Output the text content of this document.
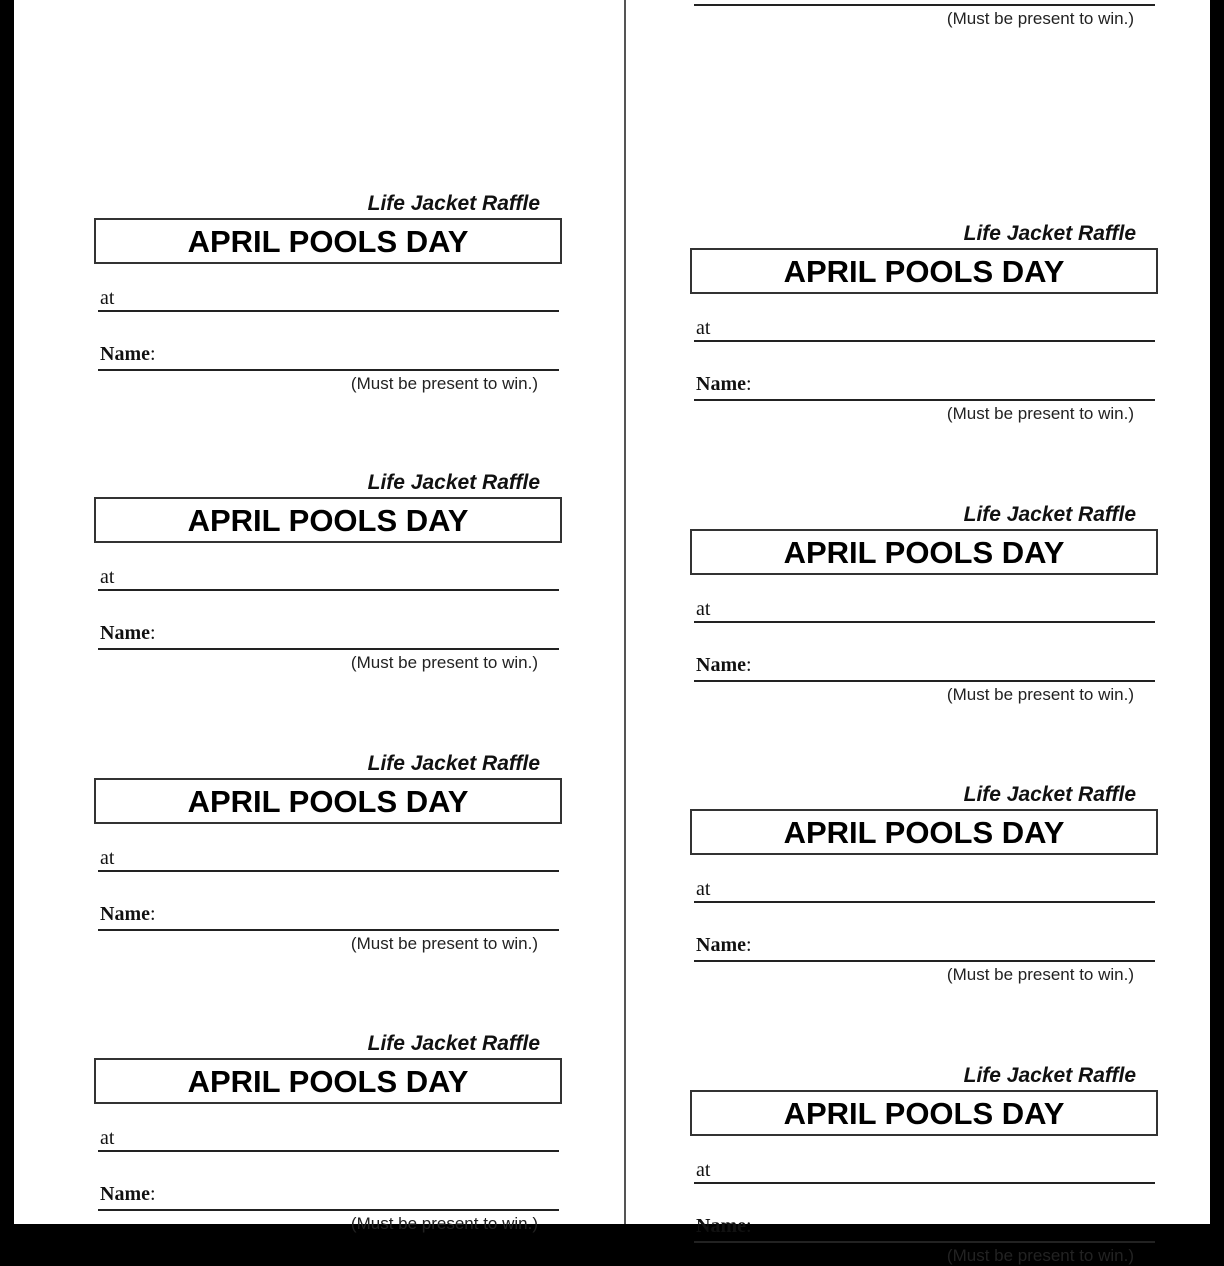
Life Jacket Raffle
APRIL POOLS DAY
at
Name:
(Must be present to win.)
Life Jacket Raffle
APRIL POOLS DAY
at
Name:
(Must be present to win.)
Life Jacket Raffle
APRIL POOLS DAY
at
Name:
(Must be present to win.)
Life Jacket Raffle
APRIL POOLS DAY
at
Name:
(Must be present to win.)
(Must be present to win.)
Life Jacket Raffle
APRIL POOLS DAY
at
Name:
(Must be present to win.)
Life Jacket Raffle
APRIL POOLS DAY
at
Name:
(Must be present to win.)
Life Jacket Raffle
APRIL POOLS DAY
at
Name:
(Must be present to win.)
Life Jacket Raffle
APRIL POOLS DAY
at
Name:
(Must be present to win.)
